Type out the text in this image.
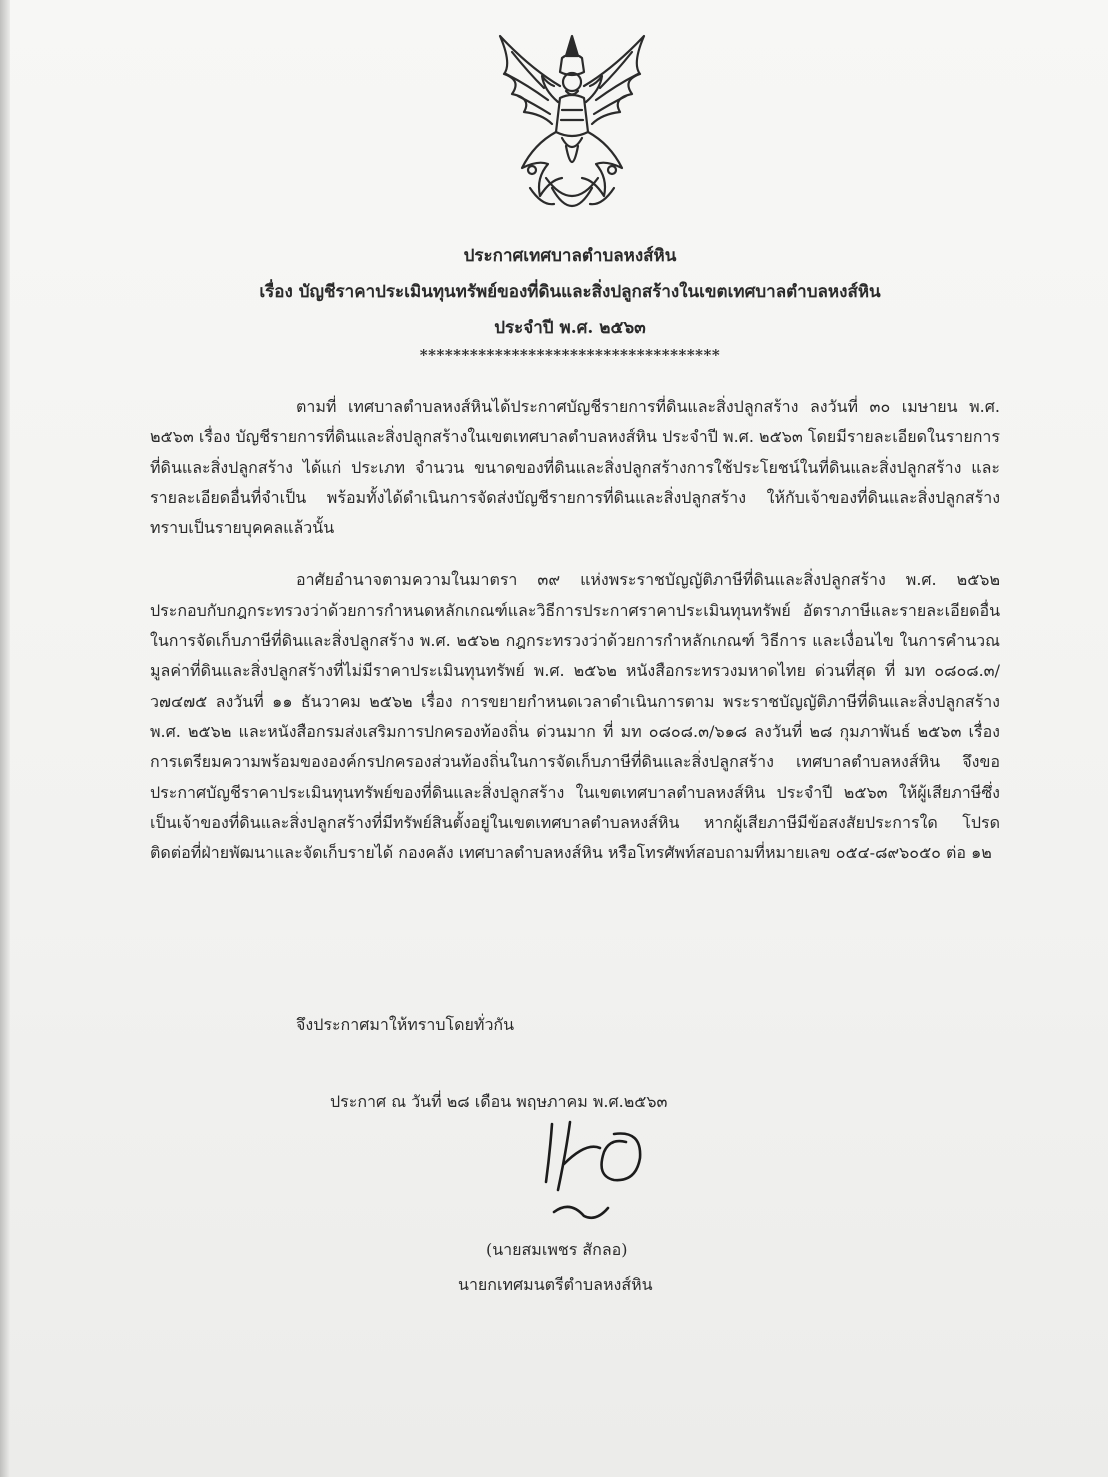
ประกาศเทศบาลตำบลหงส์หิน
เรื่อง บัญชีราคาประเมินทุนทรัพย์ของที่ดินและสิ่งปลูกสร้างในเขตเทศบาลตำบลหงส์หิน
ประจำปี พ.ศ. ๒๕๖๓
************************************

ตามที่ เทศบาลตำบลหงส์หินได้ประกาศบัญชีรายการที่ดินและสิ่งปลูกสร้าง ลงวันที่ ๓๐ เมษายน พ.ศ. ๒๕๖๓ เรื่อง บัญชีรายการที่ดินและสิ่งปลูกสร้างในเขตเทศบาลตำบลหงส์หิน ประจำปี พ.ศ. ๒๕๖๓ โดยมีรายละเอียดในรายการที่ดินและสิ่งปลูกสร้าง ได้แก่ ประเภท จำนวน ขนาดของที่ดินและสิ่งปลูกสร้างการใช้ประโยชน์ในที่ดินและสิ่งปลูกสร้าง และรายละเอียดอื่นที่จำเป็น พร้อมทั้งได้ดำเนินการจัดส่งบัญชีรายการที่ดินและสิ่งปลูกสร้าง ให้กับเจ้าของที่ดินและสิ่งปลูกสร้างทราบเป็นรายบุคคลแล้วนั้น

อาศัยอำนาจตามความในมาตรา ๓๙ แห่งพระราชบัญญัติภาษีที่ดินและสิ่งปลูกสร้าง พ.ศ. ๒๕๖๒ ประกอบกับกฎกระทรวงว่าด้วยการกำหนดหลักเกณฑ์และวิธีการประกาศราคาประเมินทุนทรัพย์ อัตราภาษีและรายละเอียดอื่นในการจัดเก็บภาษีที่ดินและสิ่งปลูกสร้าง พ.ศ. ๒๕๖๒ กฎกระทรวงว่าด้วยการกำหลักเกณฑ์ วิธีการ และเงื่อนไข ในการคำนวณมูลค่าที่ดินและสิ่งปลูกสร้างที่ไม่มีราคาประเมินทุนทรัพย์ พ.ศ. ๒๕๖๒ หนังสือกระทรวงมหาดไทย ด่วนที่สุด ที่ มท ๐๘๐๘.๓/ว๗๔๗๕ ลงวันที่ ๑๑ ธันวาคม ๒๕๖๒ เรื่อง การขยายกำหนดเวลาดำเนินการตาม พระราชบัญญัติภาษีที่ดินและสิ่งปลูกสร้าง พ.ศ. ๒๕๖๒ และหนังสือกรมส่งเสริมการปกครองท้องถิ่น ด่วนมาก ที่ มท ๐๘๐๘.๓/๖๑๘ ลงวันที่ ๒๘ กุมภาพันธ์ ๒๕๖๓ เรื่อง การเตรียมความพร้อมขององค์กรปกครองส่วนท้องถิ่นในการจัดเก็บภาษีที่ดินและสิ่งปลูกสร้าง เทศบาลตำบลหงส์หิน จึงขอประกาศบัญชีราคาประเมินทุนทรัพย์ของที่ดินและสิ่งปลูกสร้าง ในเขตเทศบาลตำบลหงส์หิน ประจำปี ๒๕๖๓ ให้ผู้เสียภาษีซึ่งเป็นเจ้าของที่ดินและสิ่งปลูกสร้างที่มีทรัพย์สินตั้งอยู่ในเขตเทศบาลตำบลหงส์หิน หากผู้เสียภาษีมีข้อสงสัยประการใด โปรดติดต่อที่ฝ่ายพัฒนาและจัดเก็บรายได้ กองคลัง เทศบาลตำบลหงส์หิน หรือโทรศัพท์สอบถามที่หมายเลข ๐๕๔-๘๙๖๐๕๐ ต่อ ๑๒

จึงประกาศมาให้ทราบโดยทั่วกัน
ประกาศ ณ วันที่ ๒๘ เดือน พฤษภาคม พ.ศ.๒๕๖๓
(นายสมเพชร สักลอ)
นายกเทศมนตรีตำบลหงส์หิน
